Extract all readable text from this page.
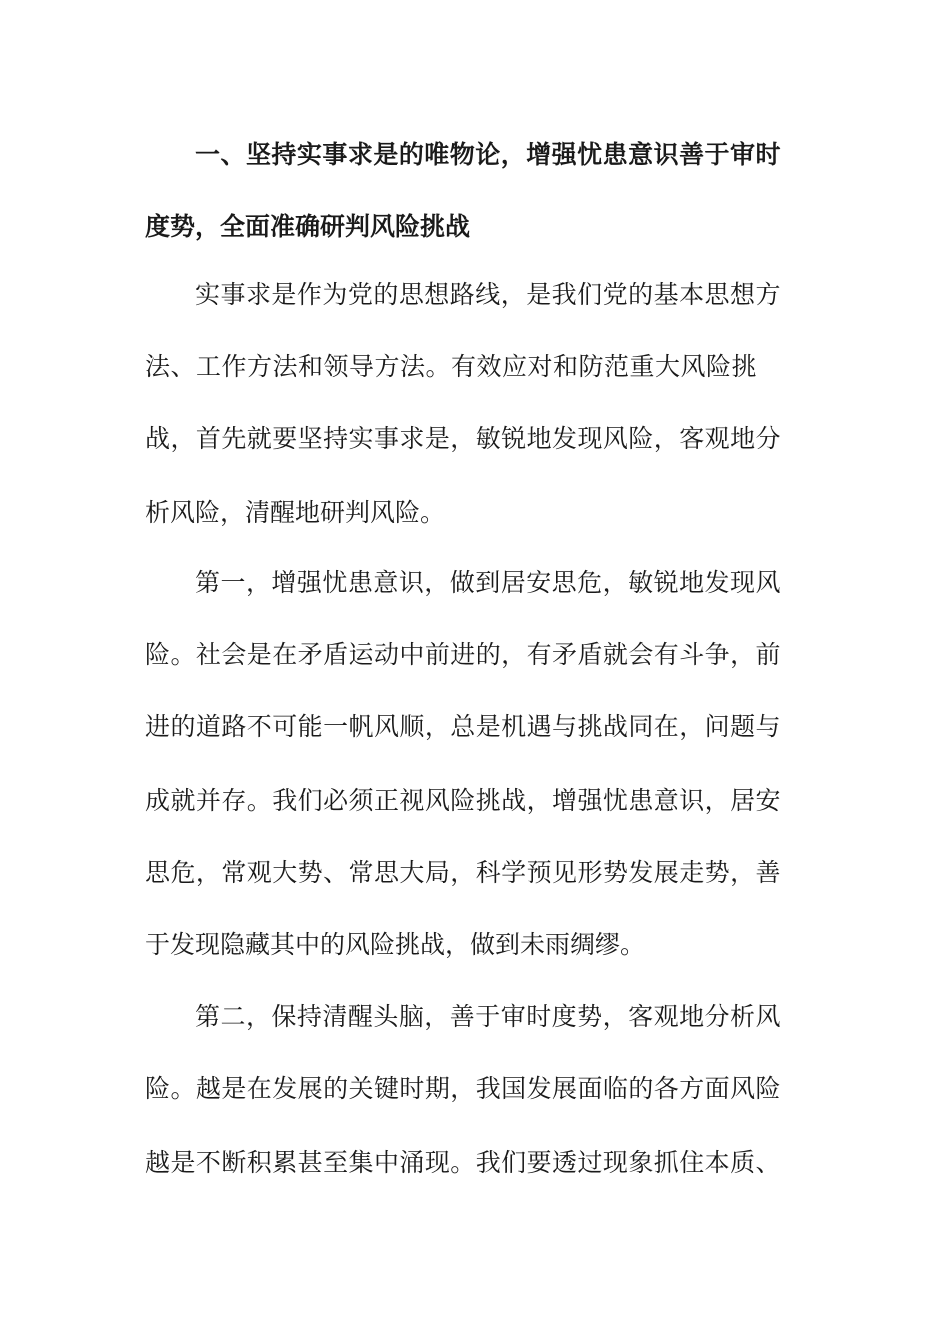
一、坚持实事求是的唯物论，增强忧患意识善于审时
度势，全面准确研判风险挑战
实事求是作为党的思想路线，是我们党的基本思想方
法、工作方法和领导方法。有效应对和防范重大风险挑
战，首先就要坚持实事求是，敏锐地发现风险，客观地分
析风险，清醒地研判风险。
第一，增强忧患意识，做到居安思危，敏锐地发现风
险。社会是在矛盾运动中前进的，有矛盾就会有斗争，前
进的道路不可能一帆风顺，总是机遇与挑战同在，问题与
成就并存。我们必须正视风险挑战，增强忧患意识，居安
思危，常观大势、常思大局，科学预见形势发展走势，善
于发现隐藏其中的风险挑战，做到未雨绸缪。
第二，保持清醒头脑，善于审时度势，客观地分析风
险。越是在发展的关键时期，我国发展面临的各方面风险
越是不断积累甚至集中涌现。我们要透过现象抓住本质、
